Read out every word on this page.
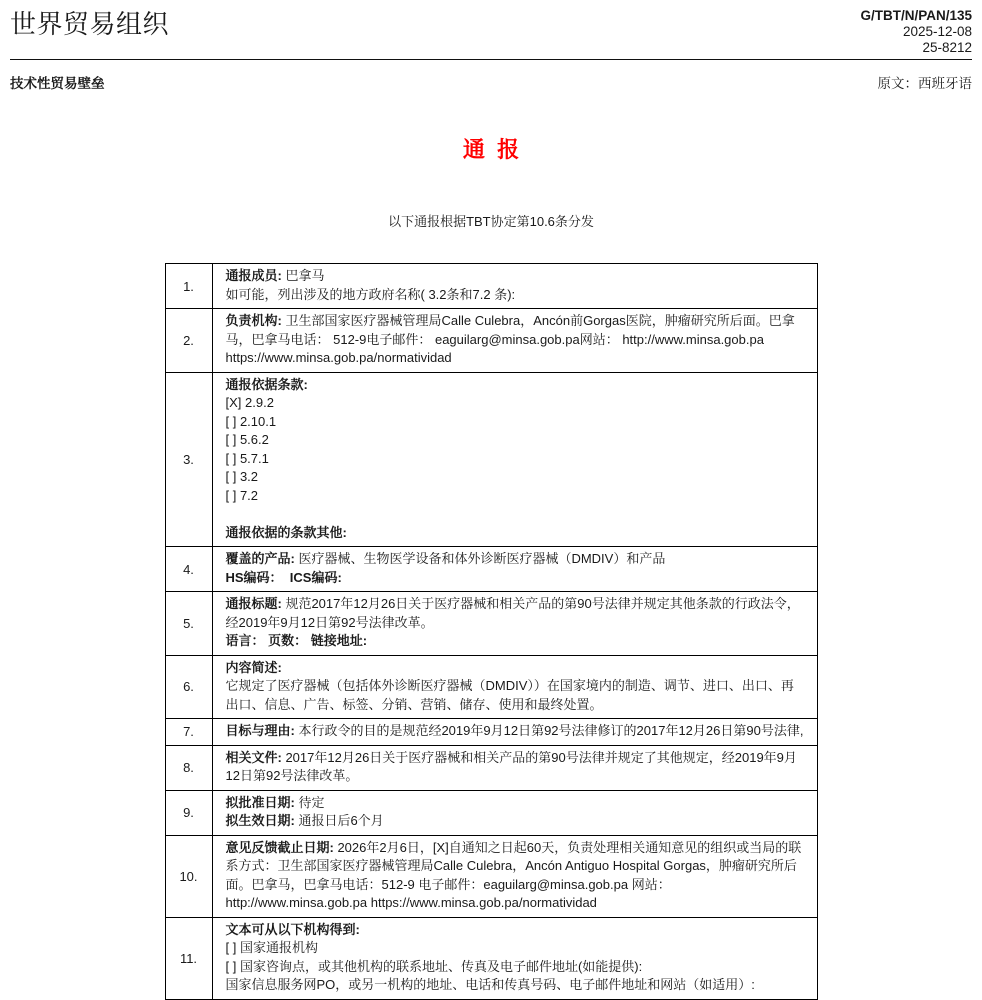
世界贸易组织	G/TBT/N/PAN/135
2025-12-08
25-8212
技术性贸易壁垒	原文：西班牙语
通  报

以下通报根据TBT协定第10.6条分发

1.	通报成员: 巴拿马
如可能，列出涉及的地方政府名称( 3.2条和7.2 条):

2.	负责机构: 卫生部国家医疗器械管理局Calle Culebra，Ancón前Gorgas医院，肿瘤研究所后面。巴拿马，巴拿马电话： 512-9电子邮件： eaguilarg@minsa.gob.pa网站： http://www.minsa.gob.pa https://www.minsa.gob.pa/normatividad

3.	
通报依据条款:
[X] 2.9.2
[ ] 2.10.1
[ ] 5.6.2
[ ] 5.7.1
[ ] 3.2
[ ] 7.2

通报依据的条款其他:

4.	覆盖的产品: 医疗器械、生物医学设备和体外诊断医疗器械（DMDIV）和产品
HS编码：  ICS编码:

5.	通报标题: 规范2017年12月26日关于医疗器械和相关产品的第90号法律并规定其他条款的行政法令，经2019年9月12日第92号法律改革。
语言： 页数： 链接地址:

6.	内容简述:
它规定了医疗器械（包括体外诊断医疗器械（DMDIV））在国家境内的制造、调节、进口、出口、再出口、信息、广告、标签、分销、营销、储存、使用和最终处置。

7.	目标与理由: 本行政令的目的是规范经2019年9月12日第92号法律修订的2017年12月26日第90号法律,

8.	相关文件: 2017年12月26日关于医疗器械和相关产品的第90号法律并规定了其他规定，经2019年9月12日第92号法律改革。

9.	拟批准日期: 待定
拟生效日期: 通报日后6个月

10.	意见反馈截止日期: 2026年2月6日，[X]自通知之日起60天，负责处理相关通知意见的组织或当局的联系方式：卫生部国家医疗器械管理局Calle Culebra，Ancón Antiguo Hospital Gorgas，肿瘤研究所后面。巴拿马，巴拿马电话：512-9 电子邮件：eaguilarg@minsa.gob.pa 网站：http://www.minsa.gob.pa https://www.minsa.gob.pa/normatividad

11.	文本可从以下机构得到:
[ ] 国家通报机构
[ ] 国家咨询点，或其他机构的联系地址、传真及电子邮件地址(如能提供):
国家信息服务网PO，或另一机构的地址、电话和传真号码、电子邮件地址和网站（如适用）:
